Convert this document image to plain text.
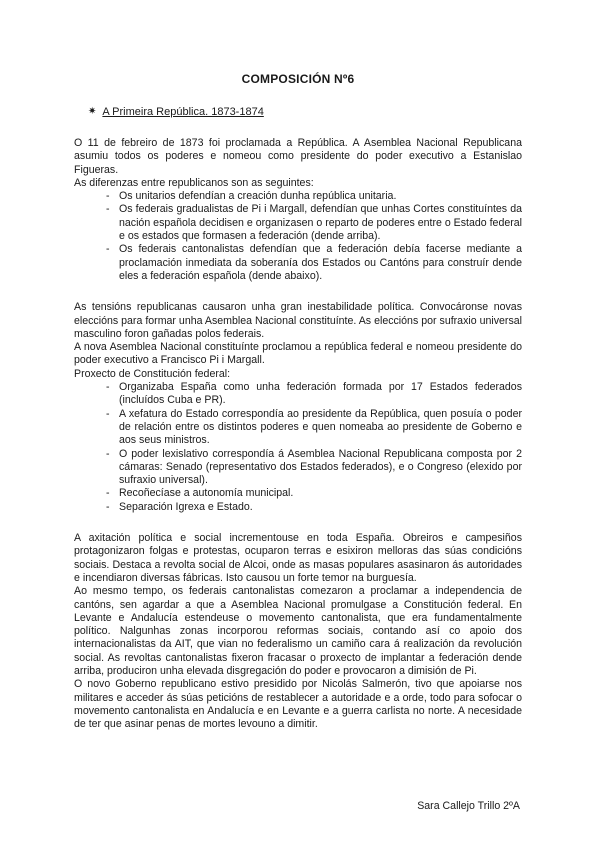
COMPOSICIÓN Nº6
✷ A Primeira República. 1873-1874

O 11 de febreiro de 1873 foi proclamada a República. A Asemblea Nacional Republicana asumiu todos os poderes e nomeou como presidente do poder executivo a Estanislao Figueras.

As diferenzas entre republicanos son as seguintes:

- Os unitarios defendían a creación dunha república unitaria.
- Os federais gradualistas de Pi i Margall, defendían que unhas Cortes constituíntes da nación española decidisen e organizasen o reparto de poderes entre o Estado federal e os estados que formasen a federación (dende arriba).
- Os federais cantonalistas defendían que a federación debía facerse mediante a proclamación inmediata da soberanía dos Estados ou Cantóns para construír dende eles a federación española (dende abaixo).

As tensións republicanas causaron unha gran inestabilidade política. Convocáronse novas eleccións para formar unha Asemblea Nacional constituínte. As eleccións por sufraxio universal masculino foron gañadas polos federais.

A nova Asemblea Nacional constituínte proclamou a república federal e nomeou presidente do poder executivo a Francisco Pi i Margall.

Proxecto de Constitución federal:

- Organizaba España como unha federación formada por 17 Estados federados (incluídos Cuba e PR).
- A xefatura do Estado correspondía ao presidente da República, quen posuía o poder de relación entre os distintos poderes e quen nomeaba ao presidente de Goberno e aos seus ministros.
- O poder lexislativo correspondía á Asemblea Nacional Republicana composta por 2 cámaras: Senado (representativo dos Estados federados), e o Congreso (elexido por sufraxio universal).
- Recoñecíase a autonomía municipal.
- Separación Igrexa e Estado.

A axitación política e social incrementouse en toda España. Obreiros e campesiños protagonizaron folgas e protestas, ocuparon terras e esixiron melloras das súas condicións sociais. Destaca a revolta social de Alcoi, onde as masas populares asasinaron ás autoridades e incendiaron diversas fábricas. Isto causou un forte temor na burguesía.

Ao mesmo tempo, os federais cantonalistas comezaron a proclamar a independencia de cantóns, sen agardar a que a Asemblea Nacional promulgase a Constitución federal. En Levante e Andalucía estendeuse o movemento cantonalista, que era fundamentalmente político. Nalgunhas zonas incorporou reformas sociais, contando así co apoio dos internacionalistas da AIT, que vian no federalismo un camiño cara á realización da revolución social. As revoltas cantonalistas fixeron fracasar o proxecto de implantar a federación dende arriba, produciron unha elevada disgregación do poder e provocaron a dimisión de Pi.

O novo Goberno republicano estivo presidido por Nicolás Salmerón, tivo que apoiarse nos militares e acceder ás súas peticións de restablecer a autoridade e a orde, todo para sofocar o movemento cantonalista en Andalucía e en Levante e a guerra carlista no norte. A necesidade de ter que asinar penas de mortes levouno a dimitir.

Sara Callejo Trillo 2ºA
